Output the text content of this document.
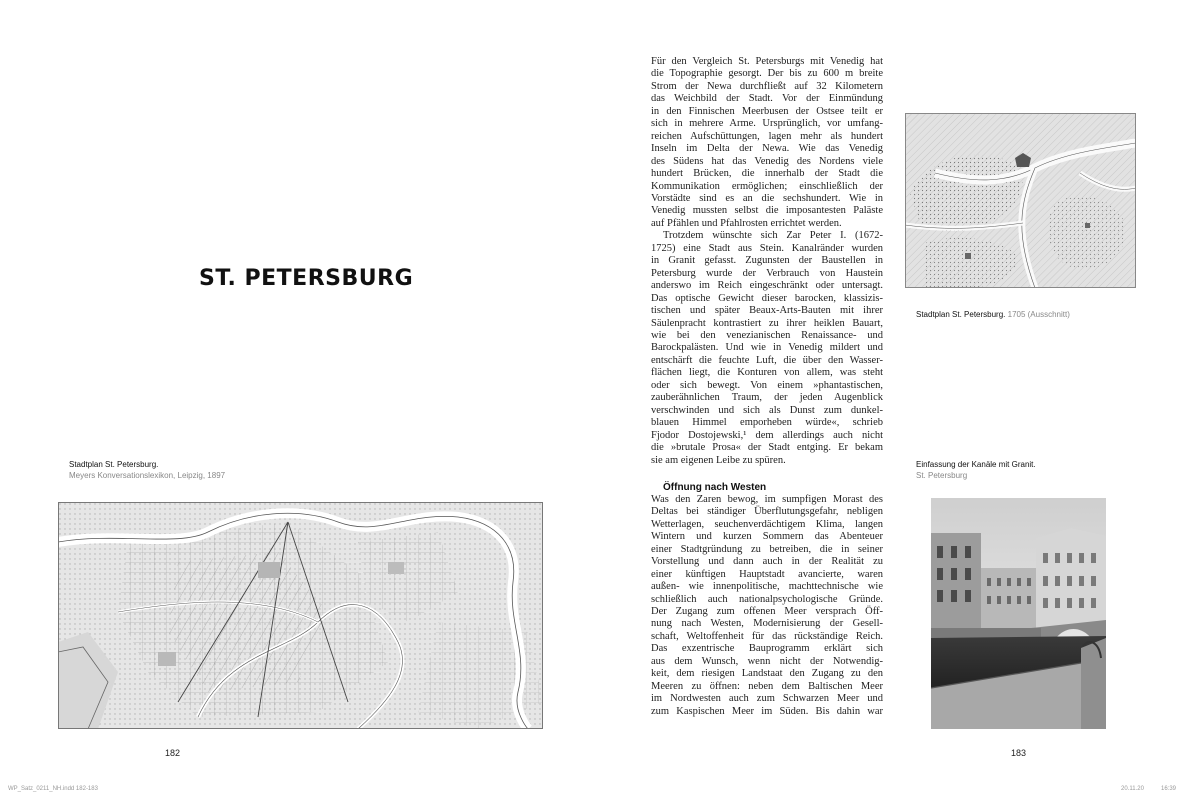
ST. PETERSBURG
Stadtplan St. Petersburg.
Meyers Konversationslexikon, Leipzig, 1897
182
WP_Satz_0211_NH.indd 182-183
Für den Vergleich St. Petersburgs mit Venedig hat
die Topographie gesorgt. Der bis zu 600 m breite
Strom der Newa durchfließt auf 32 Kilometern
das Weichbild der Stadt. Vor der Einmündung
in den Finnischen Meerbusen der Ostsee teilt er
sich in mehrere Arme. Ursprünglich, vor umfang-
reichen Aufschüttungen, lagen mehr als hundert
Inseln im Delta der Newa. Wie das Venedig
des Südens hat das Venedig des Nordens viele
hundert Brücken, die innerhalb der Stadt die
Kommunikation ermöglichen; einschließlich der
Vorstädte sind es an die sechshundert. Wie in
Venedig mussten selbst die imposantesten Paläste
auf Pfählen und Pfahlrosten errichtet werden.
Trotzdem wünschte sich Zar Peter I. (1672-
1725) eine Stadt aus Stein. Kanalränder wurden
in Granit gefasst. Zugunsten der Baustellen in
Petersburg wurde der Verbrauch von Haustein
anderswo im Reich eingeschränkt oder untersagt.
Das optische Gewicht dieser barocken, klassizis-
tischen und später Beaux-Arts-Bauten mit ihrer
Säulenpracht kontrastiert zu ihrer heiklen Bauart,
wie bei den venezianischen Renaissance- und
Barockpalästen. Und wie in Venedig mildert und
entschärft die feuchte Luft, die über den Wasser-
flächen liegt, die Konturen von allem, was steht
oder sich bewegt. Von einem »phantastischen,
zauberähnlichen Traum, der jeden Augenblick
verschwinden und sich als Dunst zum dunkel-
blauen Himmel emporheben würde«, schrieb
Fjodor Dostojewski,¹ dem allerdings auch nicht
die »brutale Prosa« der Stadt entging. Er bekam
sie am eigenen Leibe zu spüren.
Öffnung nach Westen
Was den Zaren bewog, im sumpfigen Morast des
Deltas bei ständiger Überflutungsgefahr, nebligen
Wetterlagen, seuchenverdächtigem Klima, langen
Wintern und kurzen Sommern das Abenteuer
einer Stadtgründung zu betreiben, die in seiner
Vorstellung und dann auch in der Realität zu
einer künftigen Hauptstadt avancierte, waren
außen- wie innenpolitische, machttechnische wie
schließlich auch nationalpsychologische Gründe.
Der Zugang zum offenen Meer versprach Öff-
nung nach Westen, Modernisierung der Gesell-
schaft, Weltoffenheit für das rückständige Reich.
Das exzentrische Bauprogramm erklärt sich
aus dem Wunsch, wenn nicht der Notwendig-
keit, dem riesigen Landstaat den Zugang zu den
Meeren zu öffnen: neben dem Baltischen Meer
im Nordwesten auch zum Schwarzen Meer und
zum Kaspischen Meer im Süden. Bis dahin war
Stadtplan St. Petersburg. 1705 (Ausschnitt)
Einfassung der Kanäle mit Granit.
St. Petersburg
183
20.11.20	16:39
